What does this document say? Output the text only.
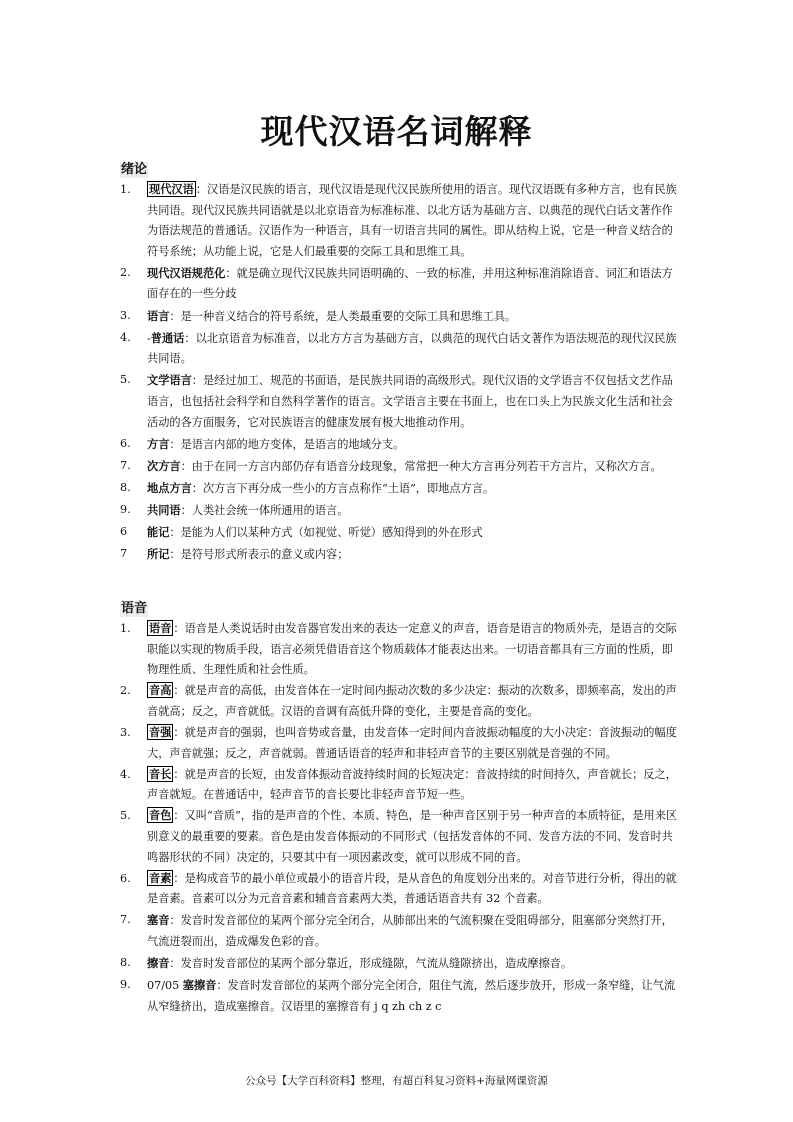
现代汉语名词解释
绪论
1. 现代汉语 ：汉语是汉民族的语言，现代汉语是现代汉民族所使用的语言。现代汉语既有多种方言，也有民族共同语。现代汉民族共同语就是以北京语音为标准标准、以北方话为基础方言、以典范的现代白话文著作作为语法规范的普通话。汉语作为一种语言，具有一切语言共同的属性。即从结构上说，它是一种音义结合的符号系统；从功能上说，它是人们最重要的交际工具和思维工具。
2. 现代汉语规范化：就是确立现代汉民族共同语明确的、一致的标准，并用这种标准消除语音、词汇和语法方面存在的一些分歧
3. 语言：是一种音义结合的符号系统，是人类最重要的交际工具和思维工具。
4. -普通话：以北京语音为标准音，以北方方言为基础方言，以典范的现代白话文著作为语法规范的现代汉民族共同语。
5. 文学语言：是经过加工、规范的书面语，是民族共同语的高级形式。现代汉语的文学语言不仅包括文艺作品语言，也包括社会科学和自然科学著作的语言。文学语言主要在书面上，也在口头上为民族文化生活和社会活动的各方面服务，它对民族语言的健康发展有极大地推动作用。
6. 方言：是语言内部的地方变体，是语言的地域分支。
7. 次方言：由于在同一方言内部仍存有语音分歧现象，常常把一种大方言再分列若干方言片，又称次方言。
8. 地点方言：次方言下再分成一些小的方言点称作“土语”，即地点方言。
9. 共同语：人类社会统一体所通用的语言。
6 能记：是能为人们以某种方式（如视觉、听觉）感知得到的外在形式
7 所记：是符号形式所表示的意义或内容；
语音
1. 语音 ：语音是人类说话时由发音器官发出来的表达一定意义的声音，语音是语言的物质外壳，是语言的交际职能以实现的物质手段，语言必须凭借语音这个物质载体才能表达出来。一切语音都具有三方面的性质，即物理性质、生理性质和社会性质。
2. 音高 ：就是声音的高低，由发音体在一定时间内振动次数的多少决定：振动的次数多，即频率高，发出的声音就高；反之，声音就低。汉语的音调有高低升降的变化，主要是音高的变化。
3. 音强 ：就是声音的强弱，也叫音势或音量，由发音体一定时间内音波振动幅度的大小决定：音波振动的幅度大，声音就强；反之，声音就弱。普通话语音的轻声和非轻声音节的主要区别就是音强的不同。
4. 音长 ：就是声音的长短，由发音体振动音波持续时间的长短决定：音波持续的时间持久，声音就长；反之，声音就短。在普通话中，轻声音节的音长要比非轻声音节短一些。
5. 音色 ：又叫“音质”，指的是声音的个性、本质、特色，是一种声音区别于另一种声音的本质特征，是用来区别意义的最重要的要素。音色是由发音体振动的不同形式（包括发音体的不同、发音方法的不同、发音时共鸣器形状的不同）决定的，只要其中有一项因素改变，就可以形成不同的音。
6. 音素 ：是构成音节的最小单位或最小的语音片段，是从音色的角度划分出来的。对音节进行分析，得出的就是音素。音素可以分为元音音素和辅音音素两大类，普通话语音共有 32 个音素。
7. 塞音：发音时发音部位的某两个部分完全闭合，从肺部出来的气流积聚在受阻碍部分，阻塞部分突然打开，气流迸裂而出，造成爆发色彩的音。
8. 擦音：发音时发音部位的某两个部分靠近，形成缝隙，气流从缝隙挤出，造成摩擦音。
9. 07/05 塞擦音：发音时发音部位的某两个部分完全闭合，阻住气流，然后逐步放开，形成一条窄缝，让气流从窄缝挤出，造成塞擦音。汉语里的塞擦音有 j q zh ch z c
公众号【大学百科资料】整理，有超百科复习资料+海量网课资源
